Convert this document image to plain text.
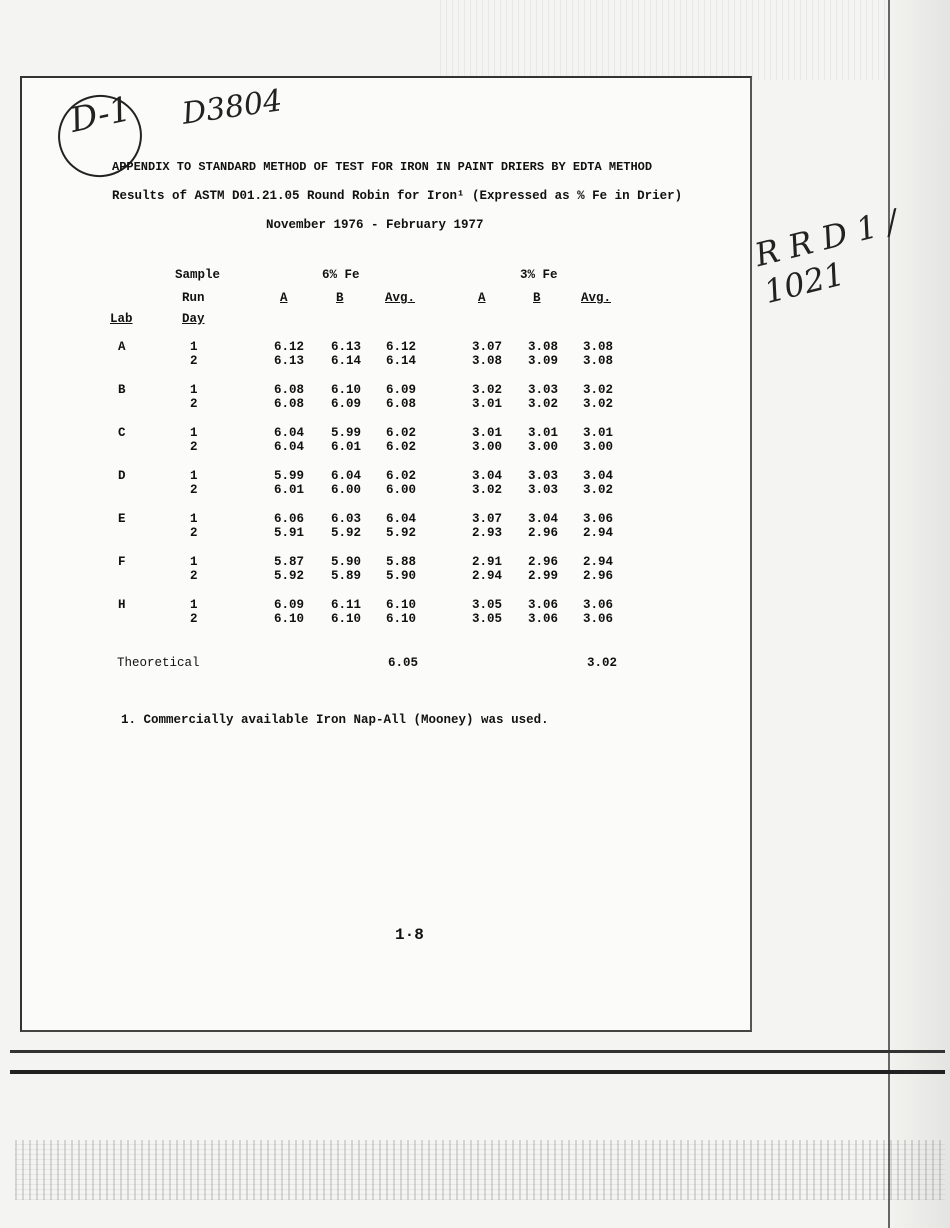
D-1 D3804
R R D 1 / 1021
APPENDIX TO STANDARD METHOD OF TEST FOR IRON IN PAINT DRIERS BY EDTA METHOD
Results of ASTM D01.21.05 Round Robin for Iron¹ (Expressed as % Fe in Drier)
November 1976 - February 1977
Sample	6% Fe	3% Fe
Run	A	B	Avg.	A	B	Avg.
Lab	Day
A	1	6.12 6.13 6.12	3.07 3.08 3.08
2	6.13 6.14 6.14	3.08 3.09 3.08
B	1	6.08 6.10 6.09	3.02 3.03 3.02
2	6.08 6.09 6.08	3.01 3.02 3.02
C	1	6.04 5.99 6.02	3.01 3.01 3.01
2	6.04 6.01 6.02	3.00 3.00 3.00
D	1	5.99 6.04 6.02	3.04 3.03 3.04
2	6.01 6.00 6.00	3.02 3.03 3.02
E	1	6.06 6.03 6.04	3.07 3.04 3.06
2	5.91 5.92 5.92	2.93 2.96 2.94
F	1	5.87 5.90 5.88	2.91 2.96 2.94
2	5.92 5.89 5.90	2.94 2.99 2.96
H	1	6.09 6.11 6.10	3.05 3.06 3.06
2	6.10 6.10 6.10	3.05 3.06 3.06
Theoretical	6.05	3.02
1. Commercially available Iron Nap-All (Mooney) was used.
1·8
